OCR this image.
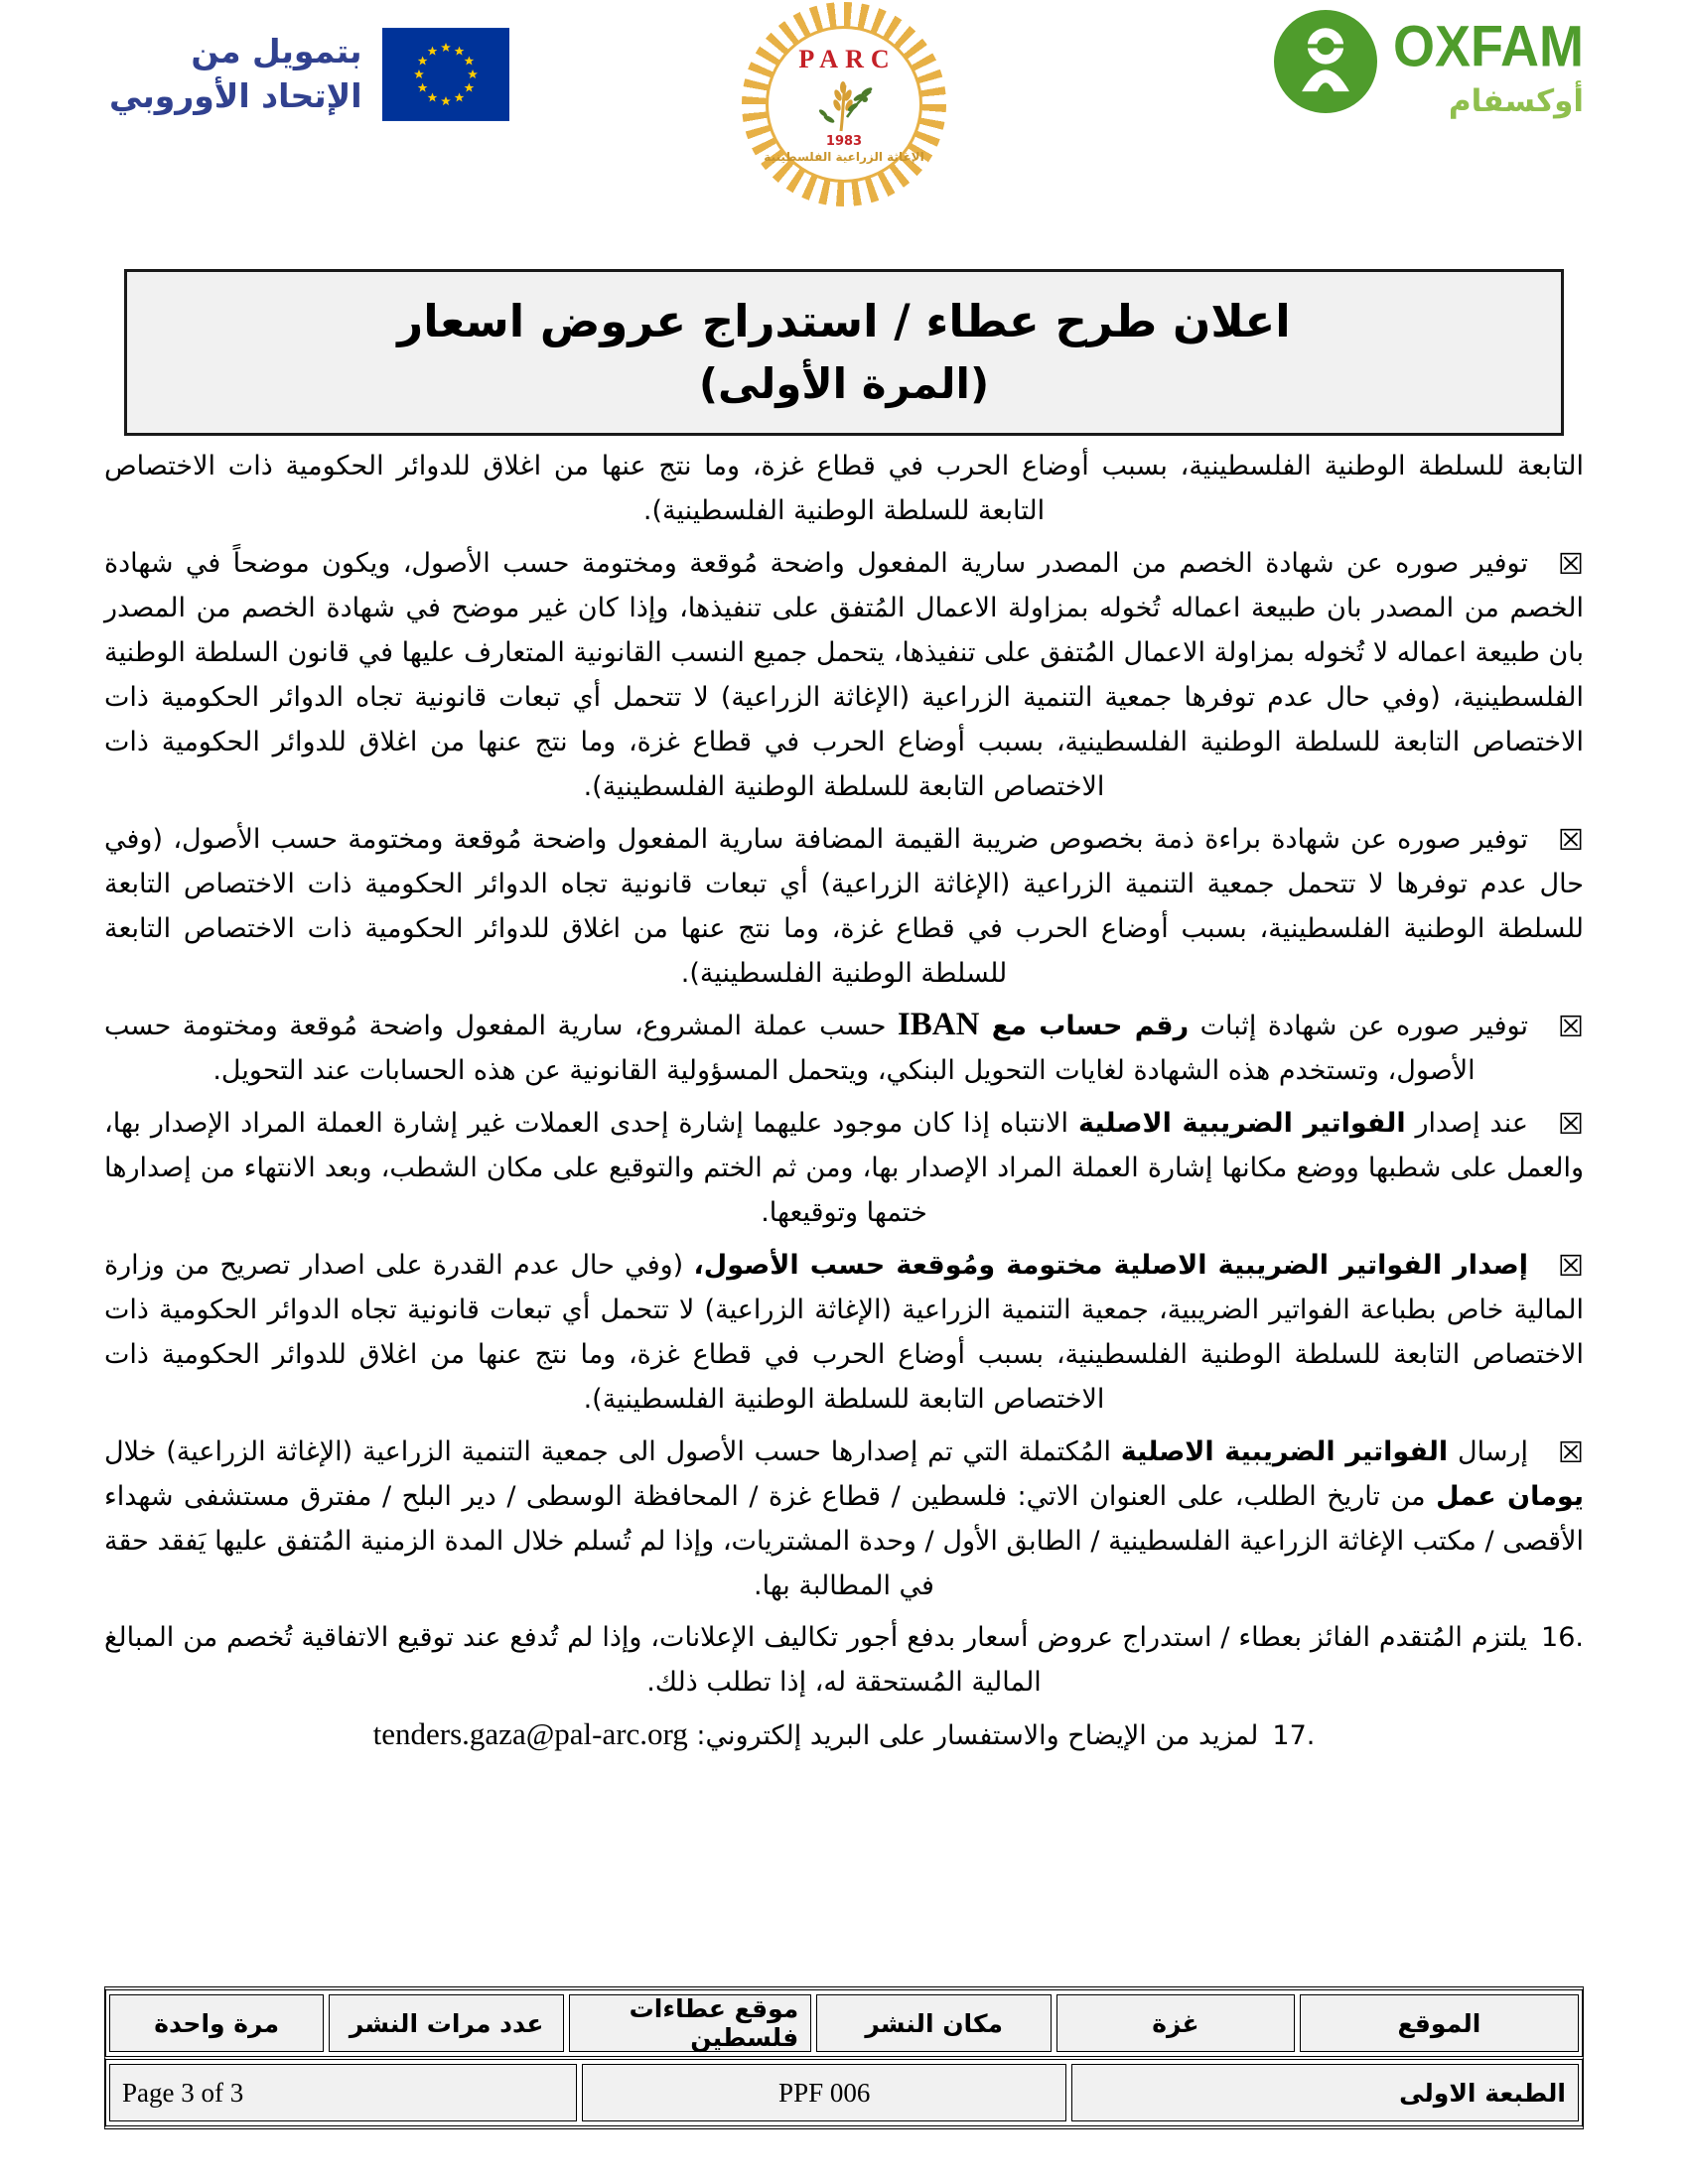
بتمويل من
الإتحاد الأوروبي
PARC
1983
الإغاثة الزراعية الفلسطينية
OXFAM
أوكسفام
اعلان طرح عطاء / استدراج عروض اسعار
(المرة الأولى)

التابعة للسلطة الوطنية الفلسطينية، بسبب أوضاع الحرب في قطاع غزة، وما نتج عنها من اغلاق للدوائر الحكومية ذات الاختصاص التابعة للسلطة الوطنية الفلسطينية).

☒توفير صوره عن شهادة الخصم من المصدر سارية المفعول واضحة مُوقعة ومختومة حسب الأصول، ويكون موضحاً في شهادة الخصم من المصدر بان طبيعة اعماله تُخوله بمزاولة الاعمال المُتفق على تنفيذها، وإذا كان غير موضح في شهادة الخصم من المصدر بان طبيعة اعماله لا تُخوله بمزاولة الاعمال المُتفق على تنفيذها، يتحمل جميع النسب القانونية المتعارف عليها في قانون السلطة الوطنية الفلسطينية، (وفي حال عدم توفرها جمعية التنمية الزراعية (الإغاثة الزراعية) لا تتحمل أي تبعات قانونية تجاه الدوائر الحكومية ذات الاختصاص التابعة للسلطة الوطنية الفلسطينية، بسبب أوضاع الحرب في قطاع غزة، وما نتج عنها من اغلاق للدوائر الحكومية ذات الاختصاص التابعة للسلطة الوطنية الفلسطينية).

☒توفير صوره عن شهادة براءة ذمة بخصوص ضريبة القيمة المضافة سارية المفعول واضحة مُوقعة ومختومة حسب الأصول، (وفي حال عدم توفرها لا تتحمل جمعية التنمية الزراعية (الإغاثة الزراعية) أي تبعات قانونية تجاه الدوائر الحكومية ذات الاختصاص التابعة للسلطة الوطنية الفلسطينية، بسبب أوضاع الحرب في قطاع غزة، وما نتج عنها من اغلاق للدوائر الحكومية ذات الاختصاص التابعة للسلطة الوطنية الفلسطينية).

☒توفير صوره عن شهادة إثبات رقم حساب مع IBAN حسب عملة المشروع، سارية المفعول واضحة مُوقعة ومختومة حسب الأصول، وتستخدم هذه الشهادة لغايات التحويل البنكي، ويتحمل المسؤولية القانونية عن هذه الحسابات عند التحويل.

☒عند إصدار الفواتير الضريبية الاصلية الانتباه إذا كان موجود عليهما إشارة إحدى العملات غير إشارة العملة المراد الإصدار بها، والعمل على شطبها ووضع مكانها إشارة العملة المراد الإصدار بها، ومن ثم الختم والتوقيع على مكان الشطب، وبعد الانتهاء من إصدارها ختمها وتوقيعها.

☒إصدار الفواتير الضريبية الاصلية مختومة ومُوقعة حسب الأصول، (وفي حال عدم القدرة على اصدار تصريح من وزارة المالية خاص بطباعة الفواتير الضريبية، جمعية التنمية الزراعية (الإغاثة الزراعية) لا تتحمل أي تبعات قانونية تجاه الدوائر الحكومية ذات الاختصاص التابعة للسلطة الوطنية الفلسطينية، بسبب أوضاع الحرب في قطاع غزة، وما نتج عنها من اغلاق للدوائر الحكومية ذات الاختصاص التابعة للسلطة الوطنية الفلسطينية).

☒إرسال الفواتير الضريبية الاصلية المُكتملة التي تم إصدارها حسب الأصول الى جمعية التنمية الزراعية (الإغاثة الزراعية) خلال يومان عمل من تاريخ الطلب، على العنوان الاتي: فلسطين / قطاع غزة / المحافظة الوسطى / دير البلح / مفترق مستشفى شهداء الأقصى / مكتب الإغاثة الزراعية الفلسطينية / الطابق الأول / وحدة المشتريات، وإذا لم تُسلم خلال المدة الزمنية المُتفق عليها يَفقد حقة في المطالبة بها.

16.يلتزم المُتقدم الفائز بعطاء / استدراج عروض أسعار بدفع أجور تكاليف الإعلانات، وإذا لم تُدفع عند توقيع الاتفاقية تُخصم من المبالغ المالية المُستحقة له، إذا تطلب ذلك.

17.لمزيد من الإيضاح والاستفسار على البريد إلكتروني: tenders.gaza@pal-arc.org

الموقع
غزة
مكان النشر
موقع عطاءات فلسطين
عدد مرات النشر
مرة واحدة
الطبعة الاولى
PPF 006
Page 3 of 3
